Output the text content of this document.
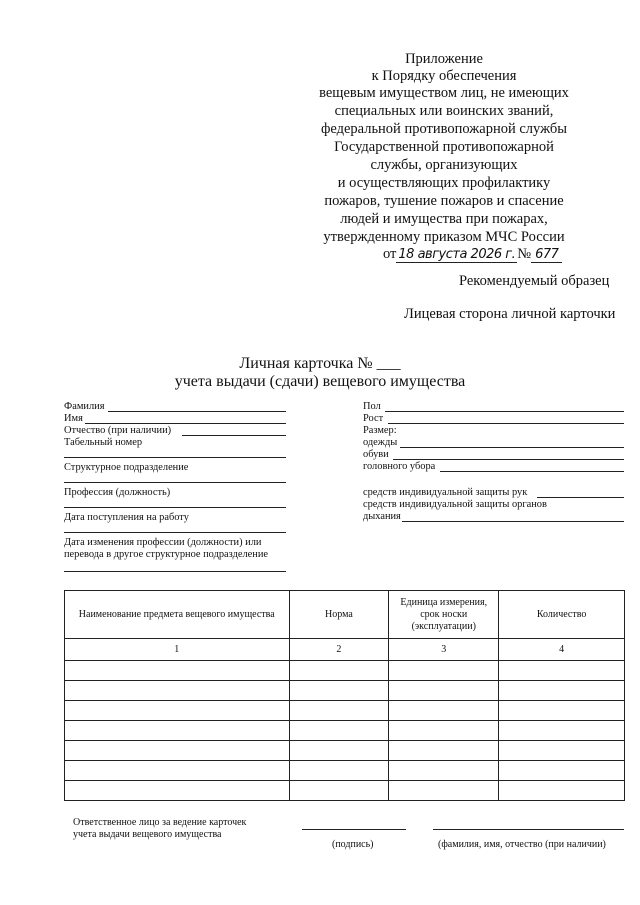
Приложение
к Порядку обеспечения
вещевым имуществом лиц, не имеющих
специальных или воинских званий,
федеральной противопожарной службы
Государственной противопожарной
службы, организующих
и осуществляющих профилактику
пожаров, тушение пожаров и спасение
людей и имущества при пожарах,
утвержденному приказом МЧС России
от 18 августа 2026 г. № 677
Рекомендуемый образец
Лицевая сторона личной карточки
Личная карточка № ___
учета выдачи (сдачи) вещевого имущества
Фамилия
Имя
Отчество (при наличии)
Табельный номер
Структурное подразделение
Профессия (должность)
Дата поступления на работу
Дата изменения профессии (должности) или
перевода в другое структурное подразделение
Пол
Рост
Размер:
одежды
обуви
головного убора
средств индивидуальной защиты рук
средств индивидуальной защиты органов
дыхания
Наименование предмета вещевого имущества	Норма	Единица измерения, срок носки (эксплуатации)	Количество
1	2	3	4

Ответственное лицо за ведение карточек
учета выдачи вещевого имущества
(подпись)	(фамилия, имя, отчество (при наличии)
